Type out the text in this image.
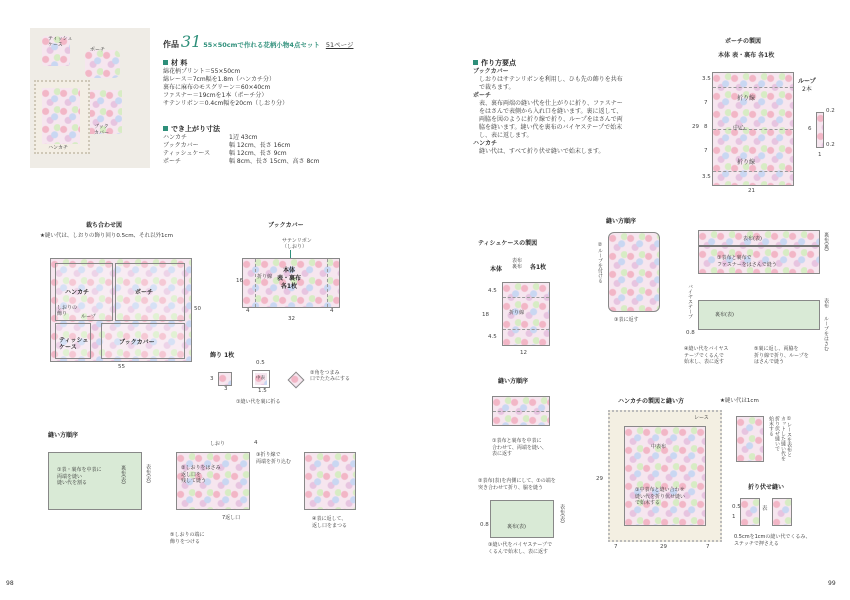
ティッシュ
ケース
ポーチ
ブック
カバー
ハンカチ
作品 31 55×50cmで作れる花柄小物4点セット 51ページ
材 料
綿花柄プリント＝55×50cm
綿レース＝7cm幅を1.8m（ハンカチ分）
裏布に麻布のモスグリーン＝60×40cm
ファスナー＝19cmを1本（ポーチ分）
サテンリボン＝0.4cm幅を20cm（しおり分）
でき上がり寸法
ハンカチ	1辺 43cm
ブックカバー	幅 12cm、長さ 16cm
ティッシュケース	幅 12cm、長さ 9cm
ポーチ	幅 8cm、長さ 15cm、高さ 8cm
作り方要点
ブックカバー
しおりはサテンリボンを利用し、ひも先の飾りを共布
で裁ちます。
ポーチ
表、裏布両端の縫い代を仕上がりに折り、ファスナー
をはさんで表側から入れ口を縫います。裏に返して、
両脇を図のように折り線で折り、ループをはさんで両
脇を縫います。縫い代を裏布のバイヤステープで始末
し、表に返します。
ハンカチ
縫い代は、すべて折り伏せ縫いで始末します。
ポーチの製図
本体 表・裏布 各1枚
折り線
中心
折り線
3.5
7
29 8
7
3.5
21
ループ
2本
0.2
6
0.2
1
裁ち合わせ図
★縫い代は、しおりの飾り回り0.5cm、それ以外1cm
ハンカチ	ポーチ
しおりの
飾り	ループ
ティッシュ
ケース
ブックカバー
55
50
ブックカバー
サテンリボン
（しおり）
本体
表・裏布
各1枚
折り線
16
4
32
4
飾り 1枚
3
3
0.5
1.5
中表
②角をつまみ
口でたたみにする
①縫い代を裏に折る
縫い方順序
①表・裏布を中表に
両端を縫い
縫い代を割る	裏布(表)	表布(表)	②しおりをはさみ
返し口を
残して縫う
しおり	4
③折り線で
両端を折り込む
7返し口	④表に返して、
返し口をまつる
⑤しおりの端に
飾りをつける
ティシュケースの製図
本体
表布
裏布 各1枚
折り線
4.5
18
4.5
12
縫い方順序
①表布と裏布を中表に
合わせて、両端を縫い、
表に返す
②表布(表)を内側にして、①の端を
突き合わせて折り、脇を縫う
裏布(表)
表布(表)
0.8
③縫い代をバイヤステープで
くるんで始末し、表に返す
縫い方順序
②ループを付ける
③表に返す
表布(表)
①表布と裏布で
ファスナーをはさんで縫う
裏布(裏)
バイヤステープ	裏布(表)
表布
ループをはさむ
0.8
④縫い代をバイヤス
テープでくるんで
始末し、表に返す
⑤裏に返し、両脇を
折り線で折り、ループを
はさんで縫う
ハンカチの製図と縫い方	★縫い代は1cm
中表布
①中表布と縫い合わせ
縫い代を折り伏せ縫い
で始末する
レース
29
7	29	7
①レースを表布と
カットした縫い代を
折り伏せ縫いで
始末する
折り伏せ縫い
0.5
1
表
0.5cmを1cmの縫い代でくるみ、
ステッチで押さえる
98	99
